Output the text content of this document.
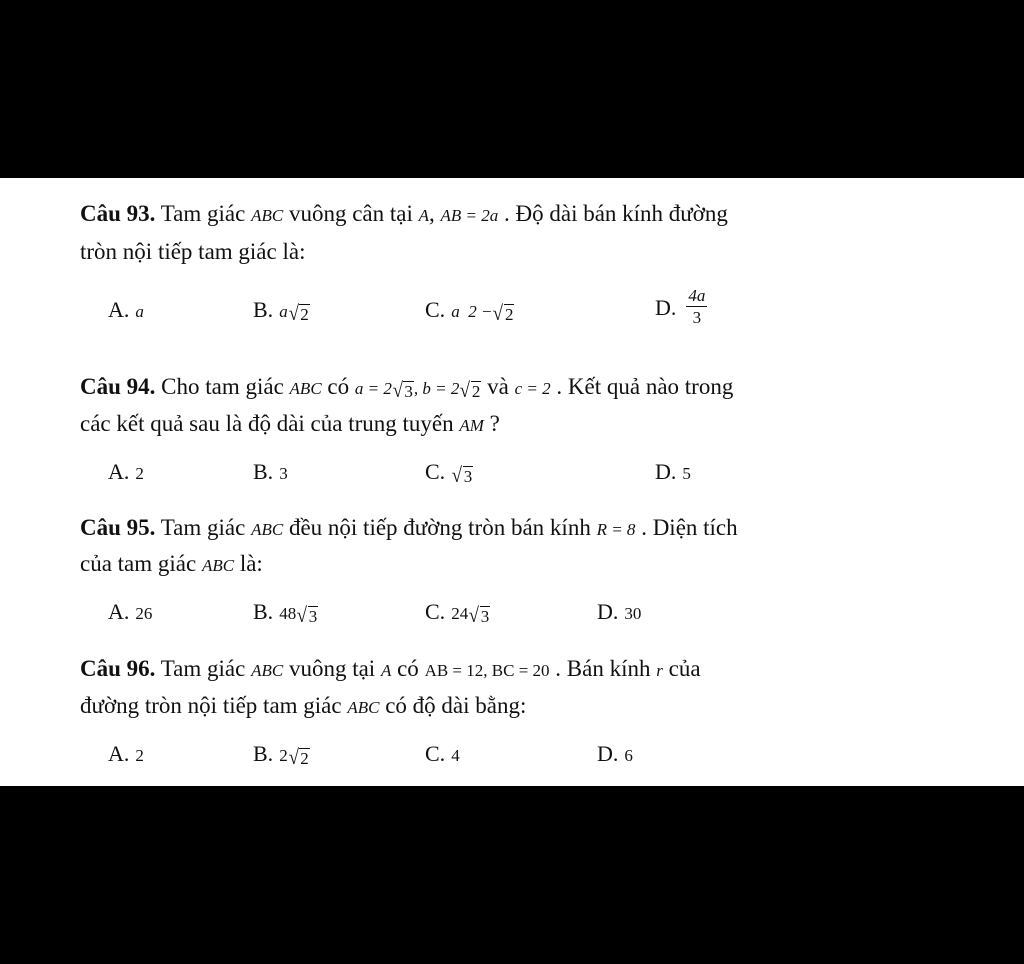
Câu 93. Tam giác ABC vuông cân tại A, AB = 2a . Độ dài bán kính đường
tròn nội tiếp tam giác là:
A. a	B. a √ 2	C. a  2 − √ 2	D. $\frac{4a}{3}$
Câu 94. Cho tam giác ABC có a = 2 √ 3 , b = 2 √ 2 và c = 2 . Kết quả nào trong
các kết quả sau là độ dài của trung tuyến AM ?
A. 2	B. 3	C. √ 3	D. 5
Câu 95. Tam giác ABC đều nội tiếp đường tròn bán kính R = 8 . Diện tích
của tam giác ABC là:
A. 26	B. 48 √ 3	C. 24 √ 3	D. 30
Câu 96. Tam giác ABC vuông tại A có AB = 12, BC = 20 . Bán kính r của
đường tròn nội tiếp tam giác ABC có độ dài bằng:
A. 2	B. 2 √ 2	C. 4	D. 6
